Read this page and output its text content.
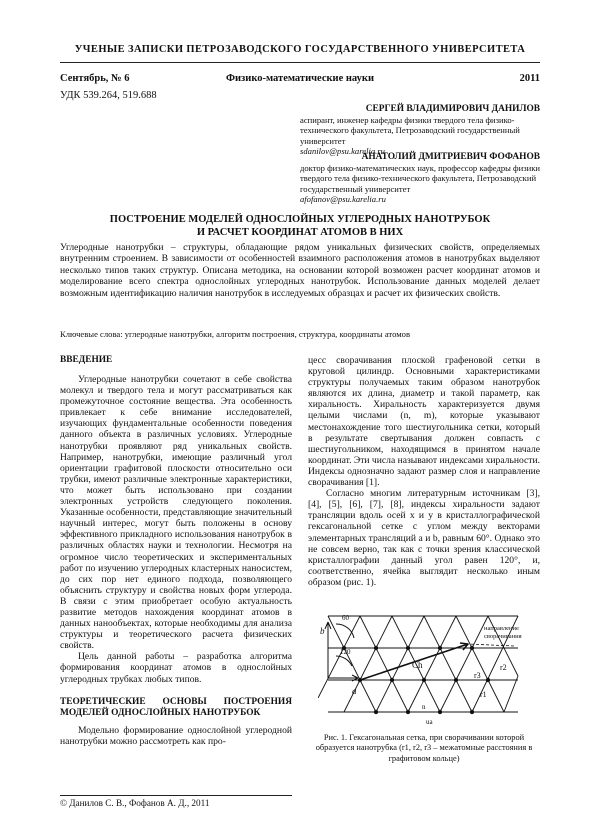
УЧЕНЫЕ ЗАПИСКИ ПЕТРОЗАВОДСКОГО ГОСУДАРСТВЕННОГО УНИВЕРСИТЕТА
Сентябрь, № 6	Физико-математические науки	2011
УДК 539.264, 519.688
СЕРГЕЙ ВЛАДИМИРОВИЧ ДАНИЛОВ
аспирант, инженер кафедры физики твердого тела физико-технического факультета, Петрозаводский государственный университет
sdanilov@psu.karelia.ru
АНАТОЛИЙ ДМИТРИЕВИЧ ФОФАНОВ
доктор физико-математических наук, профессор кафедры физики твердого тела физико-технического факультета, Петрозаводский государственный университет
afofanov@psu.karelia.ru
ПОСТРОЕНИЕ МОДЕЛЕЙ ОДНОСЛОЙНЫХ УГЛЕРОДНЫХ НАНОТРУБОК
И РАСЧЕТ КООРДИНАТ АТОМОВ В НИХ
Углеродные нанотрубки – структуры, обладающие рядом уникальных физических свойств, определяемых внутренним строением. В зависимости от особенностей взаимного расположения атомов в нанотрубках выделяют несколько типов таких структур. Описана методика, на основании которой возможен расчет координат атомов и моделирование всего спектра однослойных углеродных нанотрубок. Использование данных моделей делает возможным идентификацию наличия нанотрубок в исследуемых образцах и расчет их физических свойств.
Ключевые слова: углеродные нанотрубки, алгоритм построения, структура, координаты атомов
ВВЕДЕНИЕ

Углеродные нанотрубки сочетают в себе свойства молекул и твердого тела и могут рассматриваться как промежуточное состояние вещества. Эта особенность привлекает к себе внимание исследователей, изучающих фундаментальные особенности поведения данного объекта в различных условиях. Углеродные нанотрубки проявляют ряд уникальных свойств. Например, нанотрубки, имеющие различный угол ориентации графитовой плоскости относительно оси трубки, имеют различные электронные характеристики, что может быть использовано при создании электронных устройств следующего поколения. Указанные особенности, представляющие значительный научный интерес, могут быть положены в основу эффективного прикладного использования нанотрубок в различных областях науки и технологии. Несмотря на огромное число теоретических и экспериментальных работ по изучению углеродных кластерных наносистем, до сих пор нет единого подхода, позволяющего объяснить структуру и свойства новых форм углерода. В связи с этим приобретает особую актуальность развитие методов нахождения координат атомов в данных нанообъектах, которые необходимы для анализа структуры и теоретического расчета физических свойств.

Цель данной работы – разработка алгоритма формирования координат атомов в однослойных углеродных трубках любых типов.

ТЕОРЕТИЧЕСКИЕ ОСНОВЫ ПОСТРОЕНИЯ МОДЕЛЕЙ ОДНОСЛОЙНЫХ НАНОТРУБОК

Модельно формирование однослойной углеродной нанотрубки можно рассмотреть как про-

© Данилов С. В., Фофанов А. Д., 2011

цесс сворачивания плоской графеновой сетки в круговой цилиндр. Основными характеристиками структуры получаемых таким образом нанотрубок являются их длина, диаметр и такой параметр, как хиральность. Хиральность характеризуется двумя целыми числами (n, m), которые указывают местонахождение того шестиугольника сетки, который в результате свертывания должен совпасть с шестиугольником, находящимся в принятом начале координат. Эти числа называют индексами хиральности. Индексы однозначно задают размер слоя и направление сворачивания [1].

Согласно многим литературным источникам [3], [4], [5], [6], [7], [8], индексы хиральности задают трансляции вдоль осей x и y в кристаллографической гексагональной сетке с углом между векторами элементарных трансляций a и b, равным 60°. Однако это не совсем верно, так как с точки зрения классической кристаллографии данный угол равен 120°, и, соответственно, ячейка выглядит несколько иным образом (рис. 1).

b
a
60
120
Ch
r1
r2
r3
направление
сворачивания
ua
n
Рис. 1. Гексагональная сетка, при сворачивании которой образуется нанотрубка (r1, r2, r3 – межатомные расстояния в графитовом кольце)
